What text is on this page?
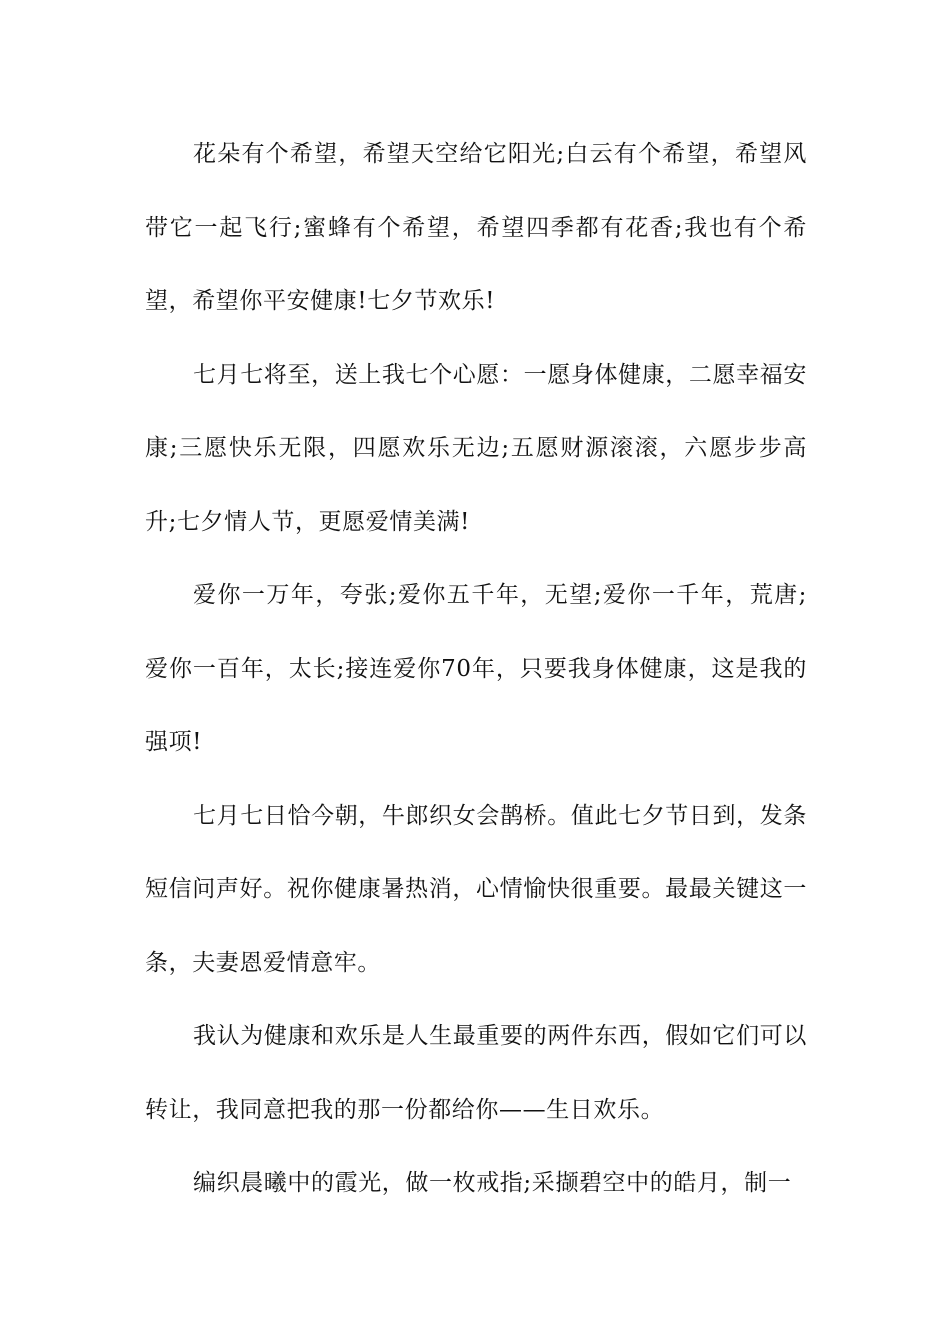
花朵有个希望，希望天空给它阳光;白云有个希望，希望风带它一起飞行;蜜蜂有个希望，希望四季都有花香;我也有个希望，希望你平安健康!七夕节欢乐!

七月七将至，送上我七个心愿：一愿身体健康，二愿幸福安康;三愿快乐无限，四愿欢乐无边;五愿财源滚滚，六愿步步高升;七夕情人节，更愿爱情美满!

爱你一万年，夸张;爱你五千年，无望;爱你一千年，荒唐;爱你一百年，太长;接连爱你70年，只要我身体健康，这是我的强项!

七月七日恰今朝，牛郎织女会鹊桥。值此七夕节日到，发条短信问声好。祝你健康暑热消，心情愉快很重要。最最关键这一条，夫妻恩爱情意牢。

我认为健康和欢乐是人生最重要的两件东西，假如它们可以转让，我同意把我的那一份都给你——生日欢乐。

编织晨曦中的霞光，做一枚戒指;采撷碧空中的皓月，制一
